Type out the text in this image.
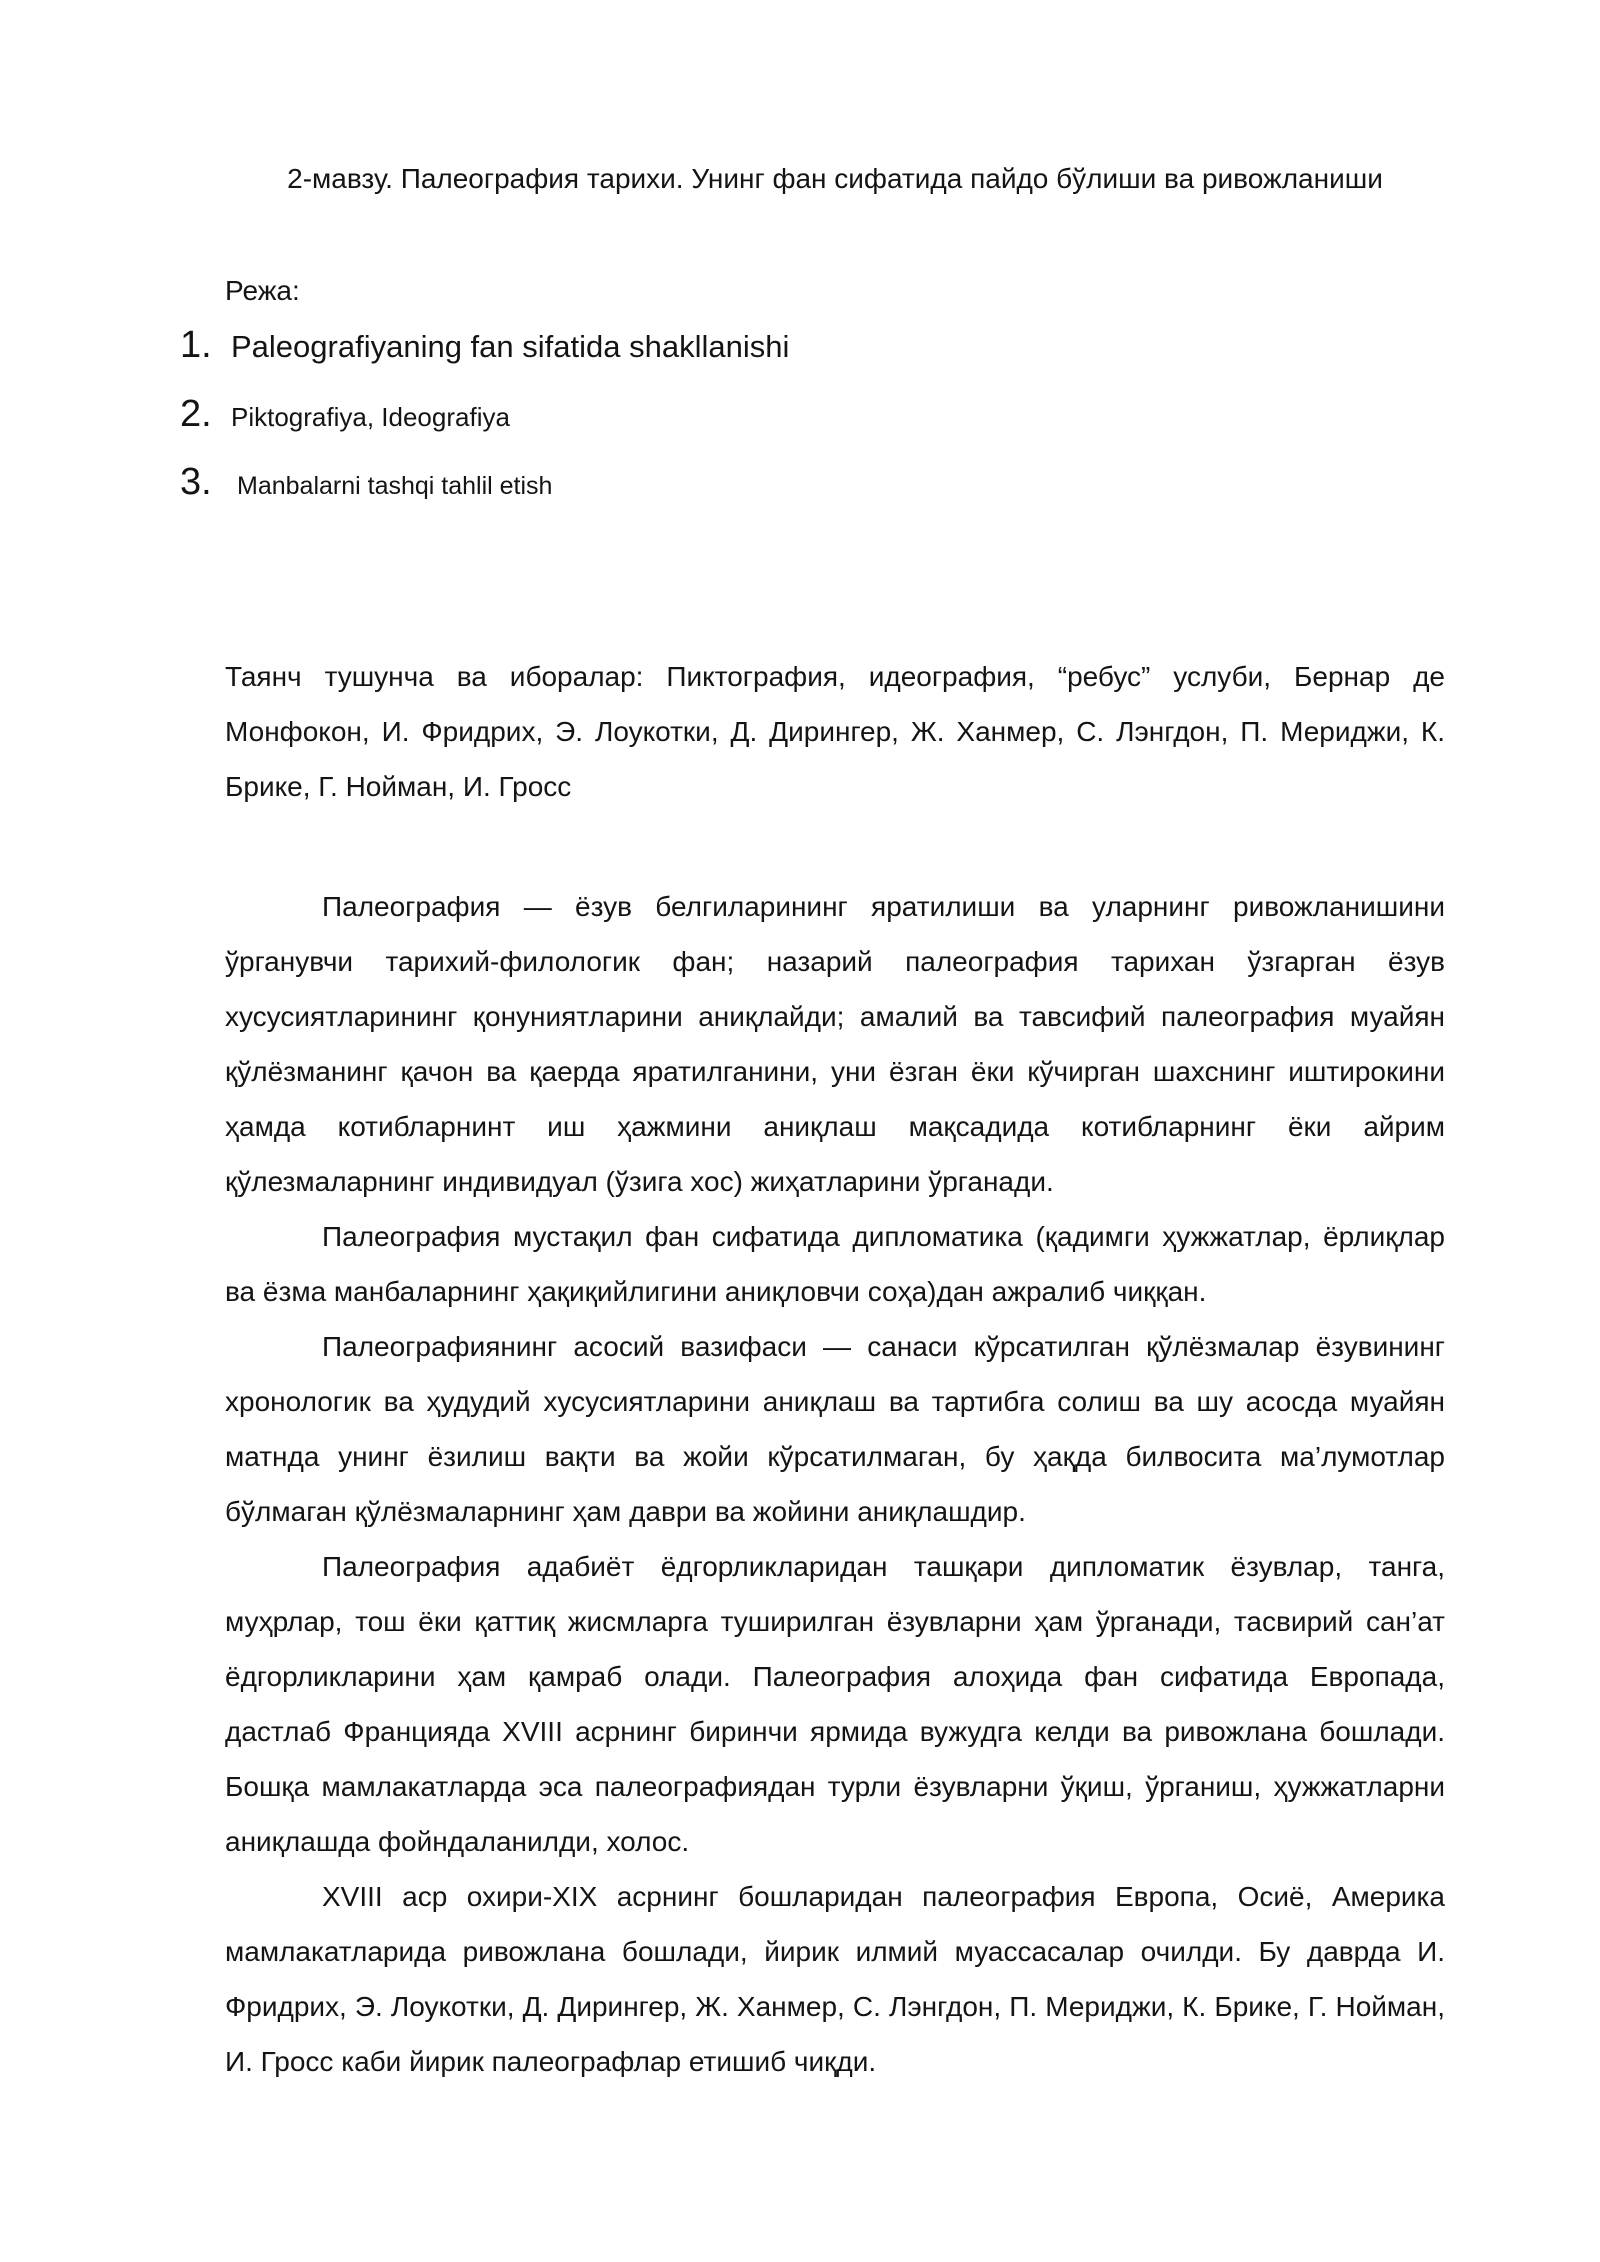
2-мавзу. Палеография тарихи. Унинг фан сифатида пайдо бўлиши ва ривожланиши
Режа:
1. Paleografiyaning fan sifatida shakllanishi
2. Piktografiya, Ideografiya
3.	Manbalarni tashqi tahlil etish
Таянч тушунча ва иборалар: Пиктография, идеография, “ребус” услуби, Бернар де Монфокон, И. Фридрих, Э. Лоукотки, Д. Дирингер, Ж. Ханмер, С. Лэнгдон, П. Мериджи, К. Брике, Г. Нойман, И. Гросс

Палеография — ёзув белгиларининг яратилиши ва уларнинг ривожланишини ўрганувчи тарихий-филологик фан; назарий палеография тарихан ўзгарган ёзув хусусиятларининг қонуниятларини аниқлайди; амалий ва тавсифий палеография муайян қўлёзманинг қачон ва қаерда яратилганини, уни ёзган ёки кўчирган шахснинг иштирокини ҳамда котибларнинт иш ҳажмини аниқлаш мақсадида котибларнинг ёки айрим қўлезмаларнинг индивидуал (ўзига хос) жиҳатларини ўрганади.

Палеография мустақил фан сифатида дипломатика (қадимги ҳужжатлар, ёрлиқлар ва ёзма манбаларнинг ҳақиқийлигини аниқловчи соҳа)дан ажралиб чиққан.

Палеографиянинг асосий вазифаси — санаси кўрсатилган қўлёзмалар ёзувининг хронологик ва ҳудудий хусусиятларини аниқлаш ва тартибга солиш ва шу асосда муайян матнда унинг ёзилиш вақти ва жойи кўрсатилмаган, бу ҳақда билвосита ма’лумотлар бўлмаган қўлёзмаларнинг ҳам даври ва жойини аниқлашдир.

Палеография адабиёт ёдгорликларидан ташқари дипломатик ёзувлар, танга, муҳрлар, тош ёки қаттиқ жисмларга туширилган ёзувларни ҳам ўрганади, тасвирий сан’ат ёдгорликларини ҳам қамраб олади. Палеография алоҳида фан сифатида Европада, дастлаб Францияда XVIII асрнинг биринчи ярмида вужудга келди ва ривожлана бошлади. Бошқа мамлакатларда эса палеографиядан турли ёзувларни ўқиш, ўрганиш, ҳужжатларни аниқлашда фойндаланилди, холос.

XVIII аср охири-XIX асрнинг бошларидан палеография Европа, Осиё, Америка мамлакатларида ривожлана бошлади, йирик илмий муассасалар очилди. Бу даврда И. Фридрих, Э. Лоукотки, Д. Дирингер, Ж. Ханмер, С. Лэнгдон, П. Мериджи, К. Брике, Г. Нойман, И. Гросс каби йирик палеографлар етишиб чиқди.
